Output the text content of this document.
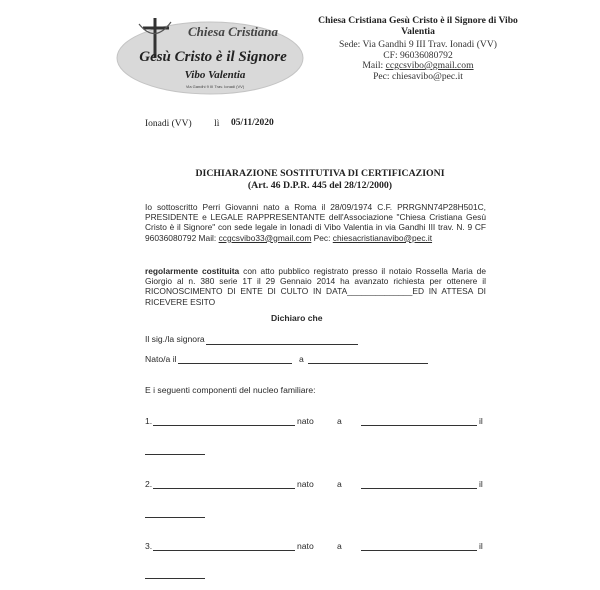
Chiesa Cristiana
Gesù Cristo è il Signore
Vibo Valentia
Via Gandhi 9 III Trav. Ionadi (VV)
Chiesa Cristiana Gesù Cristo è il Signore di Vibo Valentia
Sede: Via Gandhi 9 III Trav. Ionadi (VV)
CF: 96036080792
Mail: ccgcsvibo@gmail.com
Pec: chiesavibo@pec.it
Ionadi (VV) lì 05/11/2020
DICHIARAZIONE SOSTITUTIVA DI CERTIFICAZIONI
(Art. 46 D.P.R. 445 del 28/12/2000)
Io sottoscritto Perri Giovanni nato a Roma il 28/09/1974 C.F. PRRGNN74P28H501C, PRESIDENTE e LEGALE RAPPRESENTANTE dell'Associazione "Chiesa Cristiana Gesù Cristo è il Signore" con sede legale in Ionadi di Vibo Valentia in via Gandhi III trav. N. 9 CF 96036080792 Mail: ccgcsvibo33@gmail.com Pec: chiesacristianavibo@pec.it
regolarmente costituita con atto pubblico registrato presso il notaio Rossella Maria de Giorgio al n. 380 serie 1T il 29 Gennaio 2014 ha avanzato richiesta per ottenere il RICONOSCIMENTO DI ENTE DI CULTO IN DATA______________ED IN ATTESA DI RICEVERE ESITO
Dichiaro che
Il sig./la signora
Nato/a il	a
E i seguenti componenti del nucleo familiare:
1.	nato	a	il
2.	nato	a	il
3.	nato	a	il
